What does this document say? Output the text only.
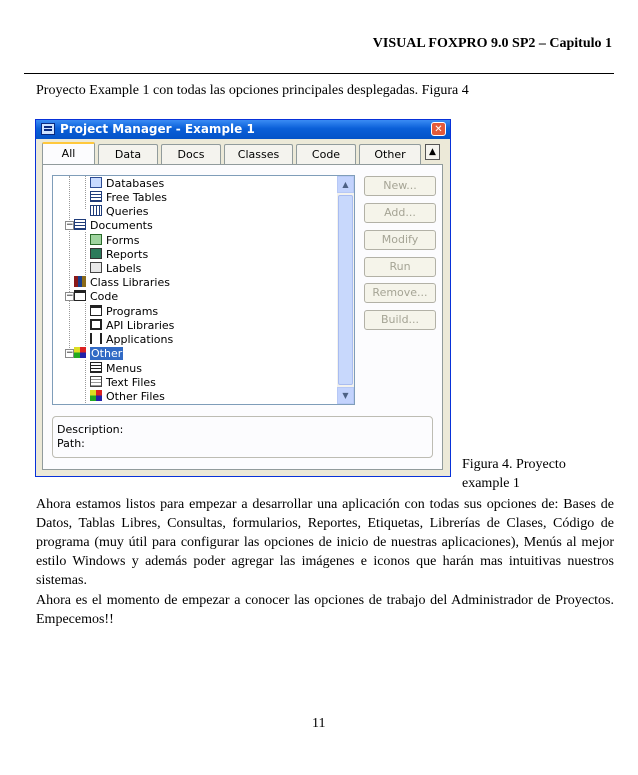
VISUAL FOXPRO 9.0 SP2 – Capitulo 1
Proyecto Example 1 con todas las opciones principales desplegadas. Figura 4
Project Manager - Example 1	✕
All	Data	Docs	Classes	Code	Other	▲
−
−
−
Databases
Free Tables
Queries
Documents
Forms
Reports
Labels
Class Libraries
Code
Programs
API Libraries
Applications
Other
Menus
Text Files
Other Files
▲
▼
New...
Add...
Modify
Run
Remove...
Build...
Description:
Path:
Figura 4. Proyecto
example 1
Ahora estamos listos para empezar a desarrollar una aplicación con todas sus opciones de: Bases de Datos, Tablas Libres, Consultas, formularios, Reportes, Etiquetas, Librerías de Clases, Código de programa (muy útil para configurar las opciones de inicio de nuestras aplicaciones), Menús al mejor estilo Windows y además poder agregar las imágenes e iconos que harán mas intuitivas nuestros sistemas.
Ahora es el momento de empezar a conocer las opciones de trabajo del Administrador de Proyectos. Empecemos!!
11
